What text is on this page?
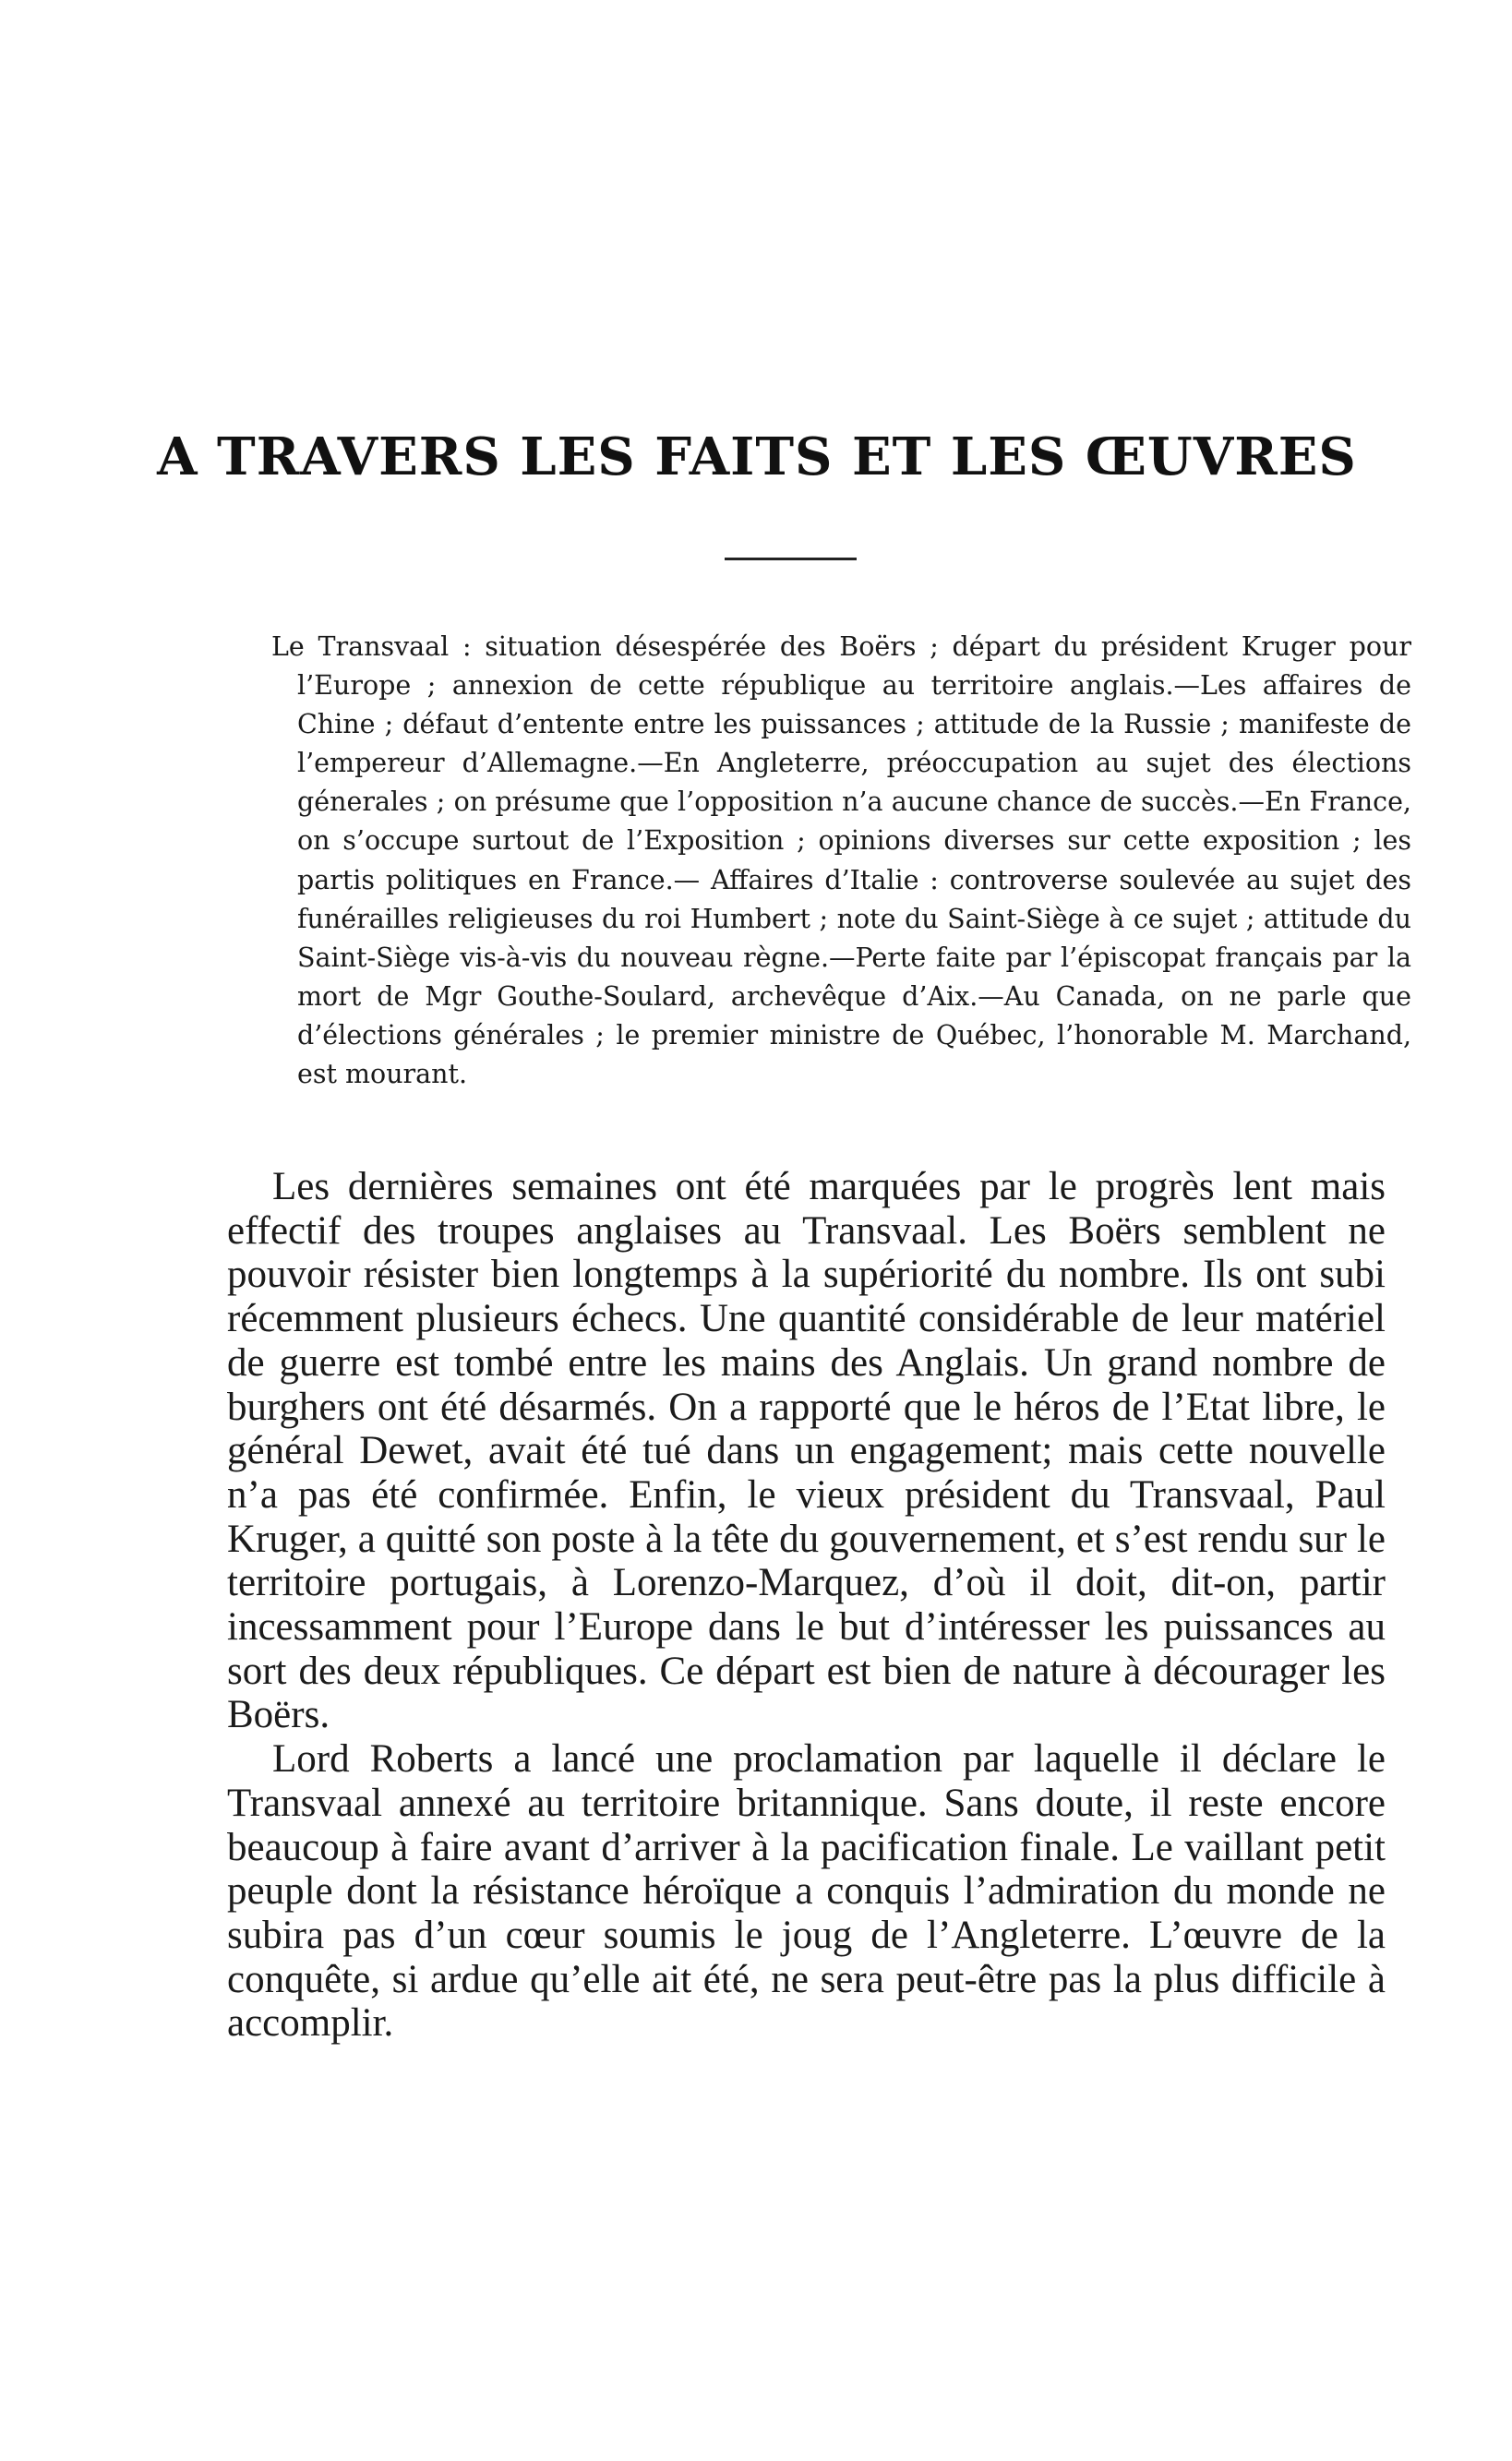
A TRAVERS LES FAITS ET LES ŒUVRES

Le Transvaal : situation désespérée des Boërs ; départ du président Kruger pour l’Europe ; annexion de cette république au territoire anglais.—Les affaires de Chine ; défaut d’entente entre les puissances ; attitude de la Russie ; manifeste de l’empereur d’Allemagne.—En Angleterre, préoccupation au sujet des élections génerales ; on présume que l’opposition n’a aucune chance de succès.—En France, on s’occupe surtout de l’Exposition ; opinions diverses sur cette exposition ; les partis politiques en France.— Affaires d’Italie : controverse soulevée au sujet des funérailles religieuses du roi Humbert ; note du Saint-Siège à ce sujet ; attitude du Saint-Siège vis-à-vis du nouveau règne.—Perte faite par l’épiscopat français par la mort de Mgr Gouthe-Soulard, archevêque d’Aix.—Au Canada, on ne parle que d’élections générales ; le premier ministre de Québec, l’honorable M. Marchand, est mourant.

Les dernières semaines ont été marquées par le progrès lent mais effectif des troupes anglaises au Transvaal. Les Boërs semblent ne pouvoir résister bien longtemps à la supériorité du nombre. Ils ont subi récemment plusieurs échecs. Une quantité considérable de leur matériel de guerre est tombé entre les mains des Anglais. Un grand nombre de burghers ont été désarmés. On a rapporté que le héros de l’Etat libre, le général Dewet, avait été tué dans un engagement; mais cette nouvelle n’a pas été confirmée. Enfin, le vieux président du Transvaal, Paul Kruger, a quitté son poste à la tête du gouvernement, et s’est rendu sur le territoire portugais, à Lorenzo-Marquez, d’où il doit, dit-on, partir incessamment pour l’Europe dans le but d’intéresser les puissances au sort des deux républiques. Ce départ est bien de nature à décourager les Boërs.

Lord Roberts a lancé une proclamation par laquelle il déclare le Transvaal annexé au territoire britannique. Sans doute, il reste encore beaucoup à faire avant d’arriver à la pacification finale. Le vaillant petit peuple dont la résistance héroïque a conquis l’admiration du monde ne subira pas d’un cœur soumis le joug de l’Angleterre. L’œuvre de la conquête, si ardue qu’elle ait été, ne sera peut-être pas la plus difficile à accomplir.
